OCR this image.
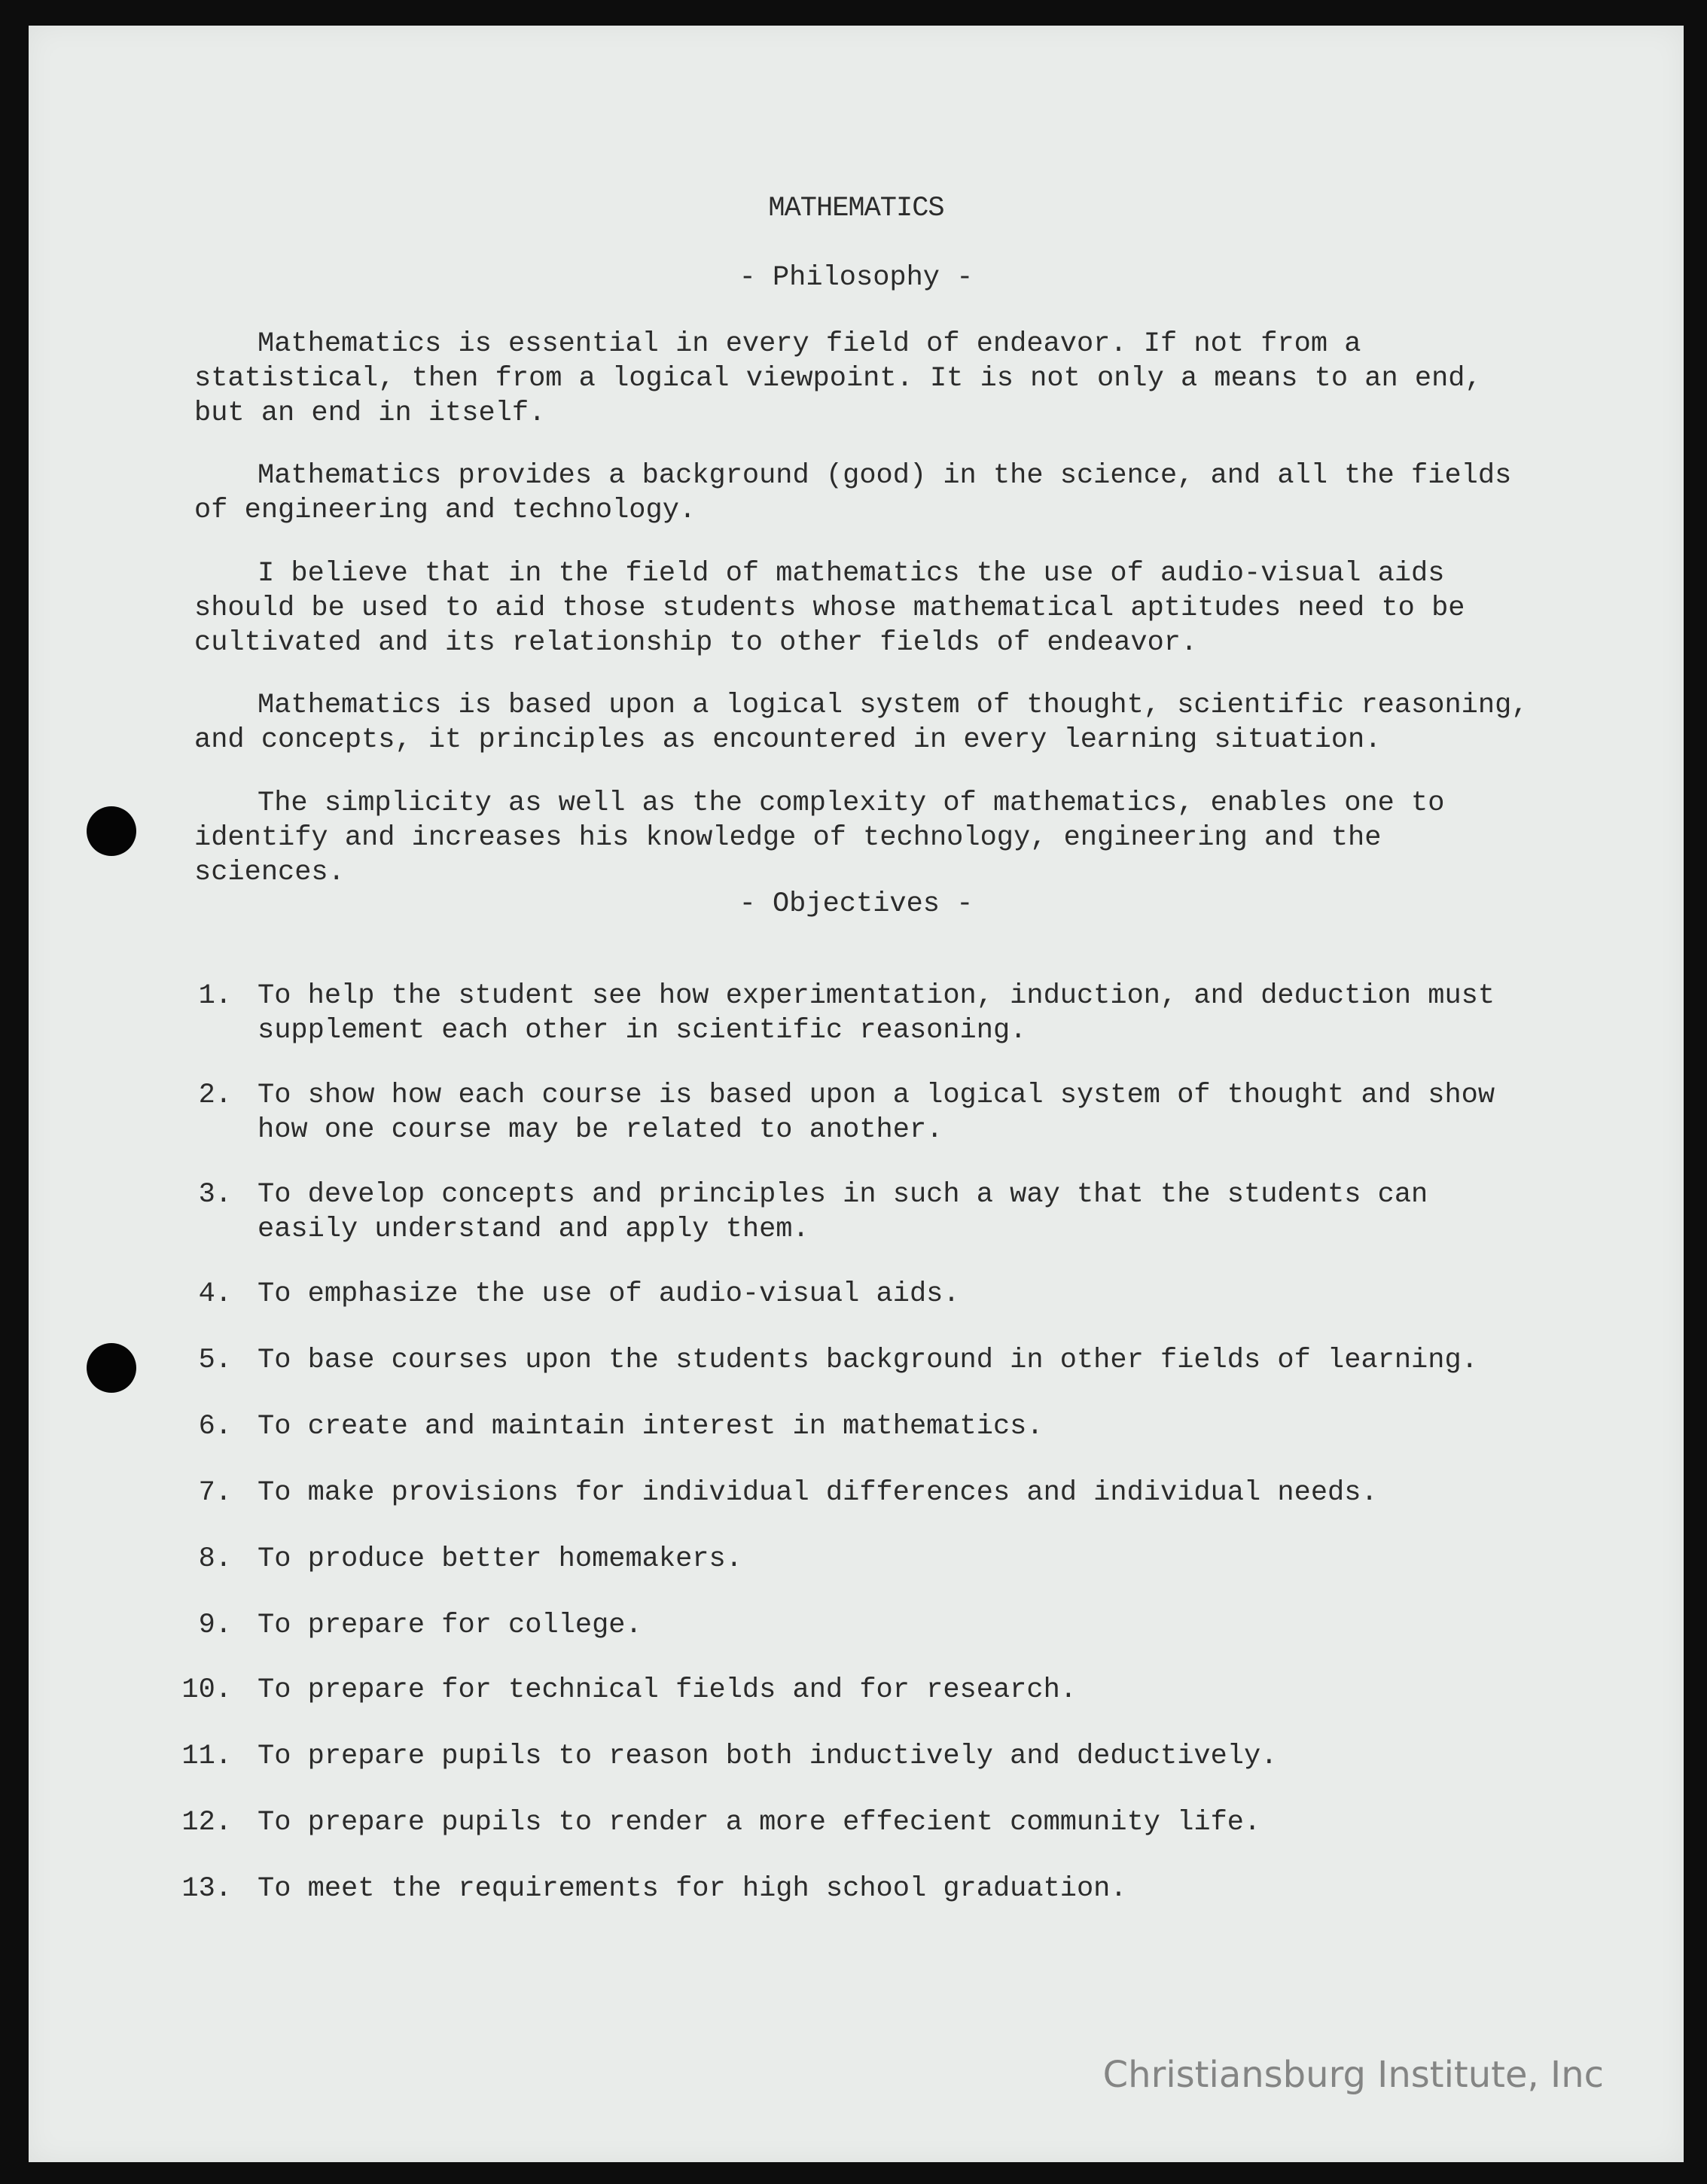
MATHEMATICS
- Philosophy -

Mathematics is essential in every field of endeavor. If not from a statistical, then from a logical viewpoint. It is not only a means to an end, but an end in itself.

Mathematics provides a background (good) in the science, and all the fields of engineering and technology.

I believe that in the field of mathematics the use of audio-visual aids should be used to aid those students whose mathematical aptitudes need to be cultivated and its relationship to other fields of endeavor.

Mathematics is based upon a logical system of thought, scientific reasoning, and concepts, it principles as encountered in every learning situation.

The simplicity as well as the complexity of mathematics, enables one to identify and increases his knowledge of technology, engineering and the sciences.

- Objectives -
1. To help the student see how experimentation, induction, and deduction must supplement each other in scientific reasoning.
2. To show how each course is based upon a logical system of thought and show how one course may be related to another.
3. To develop concepts and principles in such a way that the students can easily understand and apply them.
4. To emphasize the use of audio-visual aids.
5. To base courses upon the students background in other fields of learning.
6. To create and maintain interest in mathematics.
7. To make provisions for individual differences and individual needs.
8. To produce better homemakers.
9. To prepare for college.
10. To prepare for technical fields and for research.
11. To prepare pupils to reason both inductively and deductively.
12. To prepare pupils to render a more effecient community life.
13. To meet the requirements for high school graduation.
Christiansburg Institute, Inc
